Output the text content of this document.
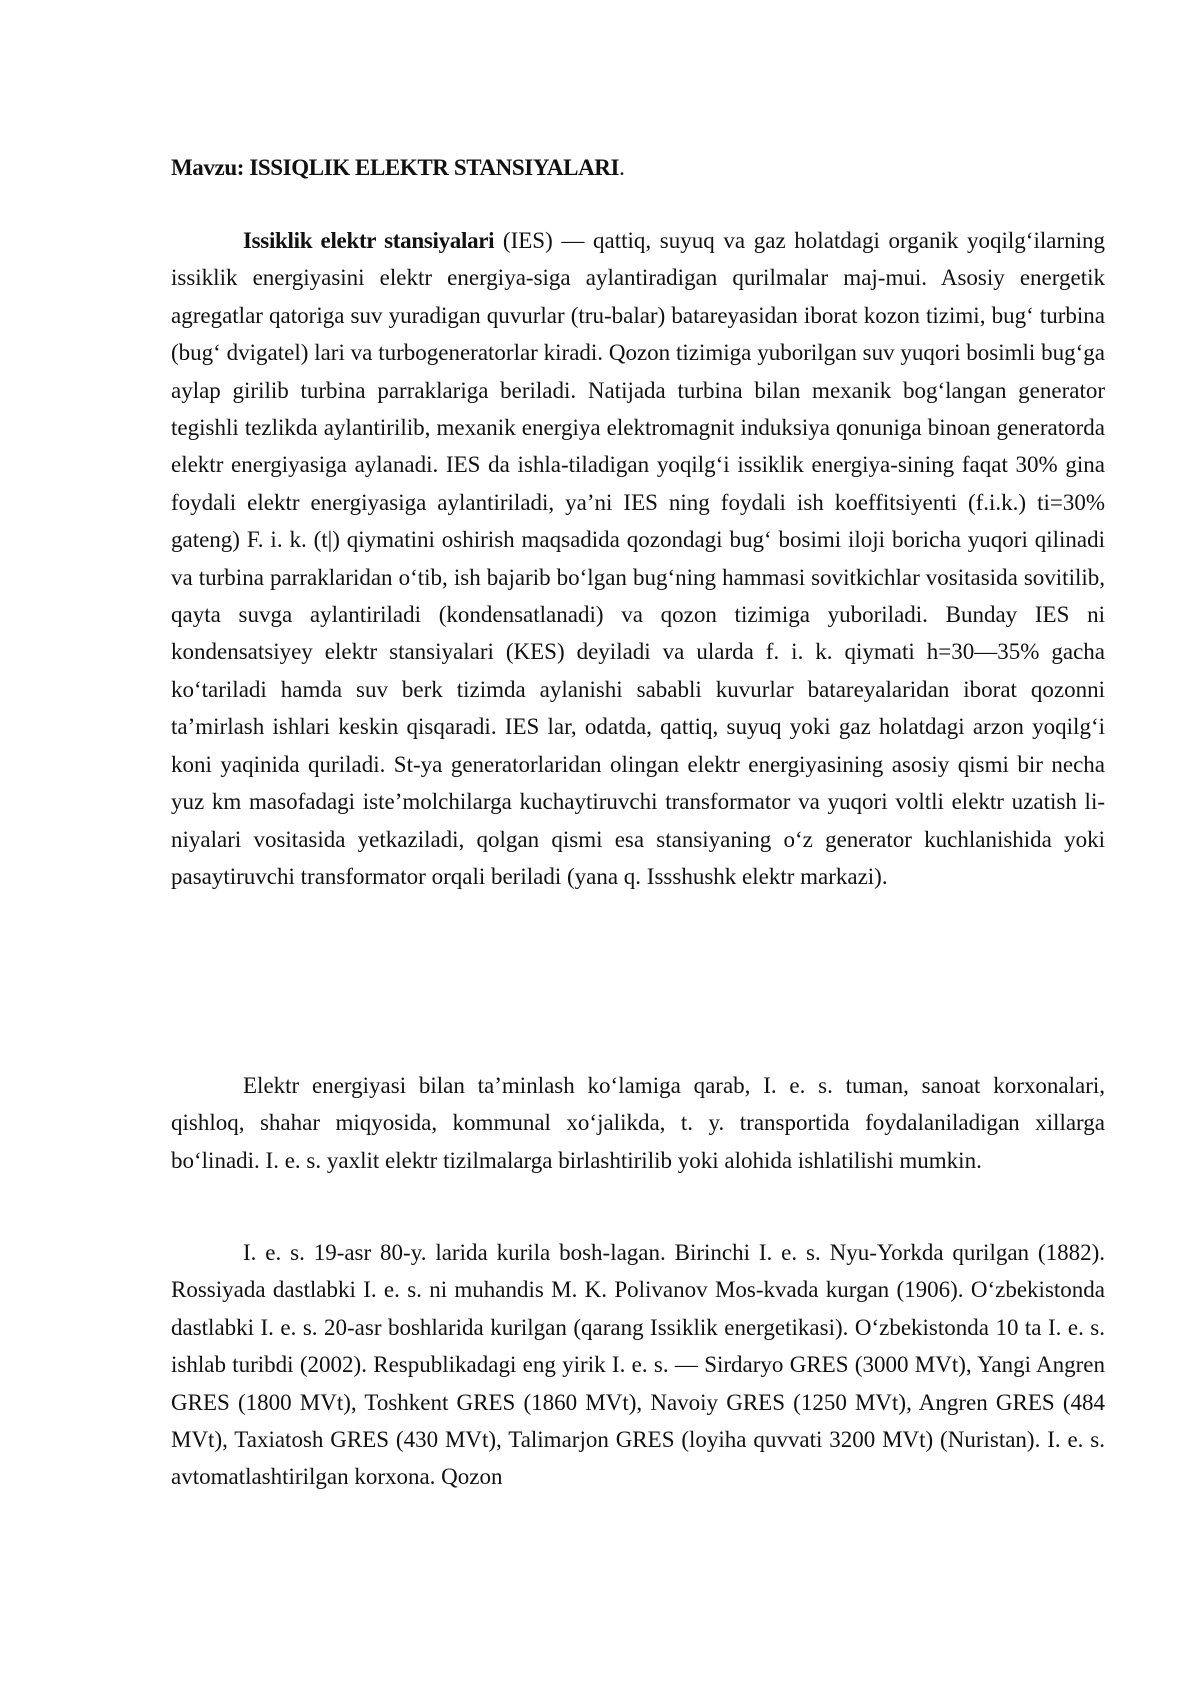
Mavzu: ISSIQLIK ELEKTR STANSIYALARI.

Issiklik elektr stansiyalari (IES) — qattiq, suyuq va gaz holatdagi organik yoqilg‘ilarning issiklik energiyasini elektr energiya-siga aylantiradigan qurilmalar maj-mui. Asosiy energetik agregatlar qatoriga suv yuradigan quvurlar (tru-balar) batareyasidan iborat kozon tizimi, bug‘ turbina (bug‘ dvigatel) lari va turbogeneratorlar kiradi. Qozon tizimiga yuborilgan suv yuqori bosimli bug‘ga aylap girilib turbina parraklariga beriladi. Natijada turbina bilan mexanik bog‘langan generator tegishli tezlikda aylantirilib, mexanik energiya elektromagnit induksiya qonuniga binoan generatorda elektr energiyasiga aylanadi. IES da ishla-tiladigan yoqilg‘i issiklik energiya-sining faqat 30% gina foydali elektr energiyasiga aylantiriladi, ya’ni IES ning foydali ish koeffitsiyenti (f.i.k.) ti=30% gateng) F. i. k. (t|) qiymatini oshirish maqsadida qozondagi bug‘ bosimi iloji boricha yuqori qilinadi va turbina parraklaridan o‘tib, ish bajarib bo‘lgan bug‘ning hammasi sovitkichlar vositasida sovitilib, qayta suvga aylantiriladi (kondensatlanadi) va qozon tizimiga yuboriladi. Bunday IES ni kondensatsiyey elektr stansiyalari (KES) deyiladi va ularda f. i. k. qiymati h=30—35% gacha ko‘tariladi hamda suv berk tizimda aylanishi sababli kuvurlar batareyalaridan iborat qozonni ta’mirlash ishlari keskin qisqaradi. IES lar, odatda, qattiq, suyuq yoki gaz holatdagi arzon yoqilg‘i koni yaqinida quriladi. St-ya generatorlaridan olingan elektr energiyasining asosiy qismi bir necha yuz km masofadagi iste’molchilarga kuchaytiruvchi transformator va yuqori voltli elektr uzatish li-niyalari vositasida yetkaziladi, qolgan qismi esa stansiyaning o‘z generator kuchlanishida yoki pasaytiruvchi transformator orqali beriladi (yana q. Issshushk elektr markazi).

Elektr energiyasi bilan ta’minlash ko‘lamiga qarab, I. e. s. tuman, sanoat korxonalari, qishloq, shahar miqyosida, kommunal xo‘jalikda, t. y. transportida foydalaniladigan xillarga bo‘linadi. I. e. s. yaxlit elektr tizilmalarga birlashtirilib yoki alohida ishlatilishi mumkin.

I. e. s. 19-asr 80-y. larida kurila bosh-lagan. Birinchi I. e. s. Nyu-Yorkda qurilgan (1882). Rossiyada dastlabki I. e. s. ni muhandis M. K. Polivanov Mos-kvada kurgan (1906). O‘zbekistonda dastlabki I. e. s. 20-asr boshlarida kurilgan (qarang Issiklik energetikasi). O‘zbekistonda 10 ta I. e. s. ishlab turibdi (2002). Respublikadagi eng yirik I. e. s. — Sirdaryo GRES (3000 MVt), Yangi Angren GRES (1800 MVt), Toshkent GRES (1860 MVt), Navoiy GRES (1250 MVt), Angren GRES (484 MVt), Taxiatosh GRES (430 MVt), Talimarjon GRES (loyiha quvvati 3200 MVt) (Nuristan). I. e. s. avtomatlashtirilgan korxona. Qozon
